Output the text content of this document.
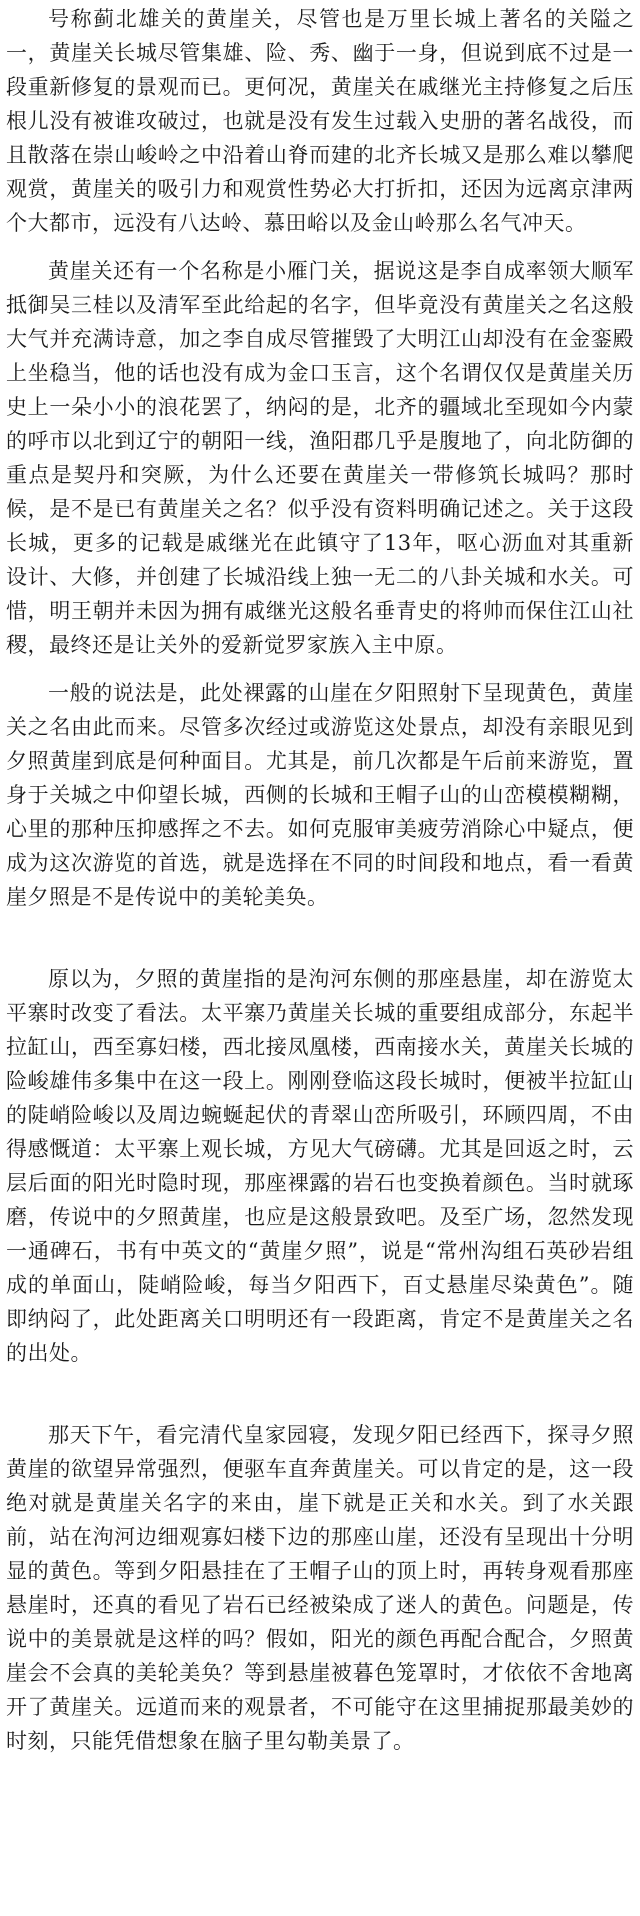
号称蓟北雄关的黄崖关，尽管也是万里长城上著名的关隘之一，黄崖关长城尽管集雄、险、秀、幽于一身，但说到底不过是一段重新修复的景观而已。更何况，黄崖关在戚继光主持修复之后压根儿没有被谁攻破过，也就是没有发生过载入史册的著名战役，而且散落在崇山峻岭之中沿着山脊而建的北齐长城又是那么难以攀爬观赏，黄崖关的吸引力和观赏性势必大打折扣，还因为远离京津两个大都市，远没有八达岭、慕田峪以及金山岭那么名气冲天。

黄崖关还有一个名称是小雁门关，据说这是李自成率领大顺军抵御吴三桂以及清军至此给起的名字，但毕竟没有黄崖关之名这般大气并充满诗意，加之李自成尽管摧毁了大明江山却没有在金銮殿上坐稳当，他的话也没有成为金口玉言，这个名谓仅仅是黄崖关历史上一朵小小的浪花罢了，纳闷的是，北齐的疆域北至现如今内蒙的呼市以北到辽宁的朝阳一线，渔阳郡几乎是腹地了，向北防御的重点是契丹和突厥，为什么还要在黄崖关一带修筑长城吗？那时候，是不是已有黄崖关之名？似乎没有资料明确记述之。关于这段长城，更多的记载是戚继光在此镇守了13年，呕心沥血对其重新设计、大修，并创建了长城沿线上独一无二的八卦关城和水关。可惜，明王朝并未因为拥有戚继光这般名垂青史的将帅而保住江山社稷，最终还是让关外的爱新觉罗家族入主中原。

一般的说法是，此处裸露的山崖在夕阳照射下呈现黄色，黄崖关之名由此而来。尽管多次经过或游览这处景点，却没有亲眼见到夕照黄崖到底是何种面目。尤其是，前几次都是午后前来游览，置身于关城之中仰望长城，西侧的长城和王帽子山的山峦模模糊糊，心里的那种压抑感挥之不去。如何克服审美疲劳消除心中疑点，便成为这次游览的首选，就是选择在不同的时间段和地点，看一看黄崖夕照是不是传说中的美轮美奂。

原以为，夕照的黄崖指的是泃河东侧的那座悬崖，却在游览太平寨时改变了看法。太平寨乃黄崖关长城的重要组成部分，东起半拉缸山，西至寡妇楼，西北接凤凰楼，西南接水关，黄崖关长城的险峻雄伟多集中在这一段上。刚刚登临这段长城时，便被半拉缸山的陡峭险峻以及周边蜿蜒起伏的青翠山峦所吸引，环顾四周，不由得感慨道：太平寨上观长城，方见大气磅礴。尤其是回返之时，云层后面的阳光时隐时现，那座裸露的岩石也变换着颜色。当时就琢磨，传说中的夕照黄崖，也应是这般景致吧。及至广场，忽然发现一通碑石，书有中英文的“黄崖夕照”，说是“常州沟组石英砂岩组成的单面山，陡峭险峻，每当夕阳西下，百丈悬崖尽染黄色”。随即纳闷了，此处距离关口明明还有一段距离，肯定不是黄崖关之名的出处。

那天下午，看完清代皇家园寝，发现夕阳已经西下，探寻夕照黄崖的欲望异常强烈，便驱车直奔黄崖关。可以肯定的是，这一段绝对就是黄崖关名字的来由，崖下就是正关和水关。到了水关跟前，站在泃河边细观寡妇楼下边的那座山崖，还没有呈现出十分明显的黄色。等到夕阳悬挂在了王帽子山的顶上时，再转身观看那座悬崖时，还真的看见了岩石已经被染成了迷人的黄色。问题是，传说中的美景就是这样的吗？假如，阳光的颜色再配合配合，夕照黄崖会不会真的美轮美奂？等到悬崖被暮色笼罩时，才依依不舍地离开了黄崖关。远道而来的观景者，不可能守在这里捕捉那最美妙的时刻，只能凭借想象在脑子里勾勒美景了。
